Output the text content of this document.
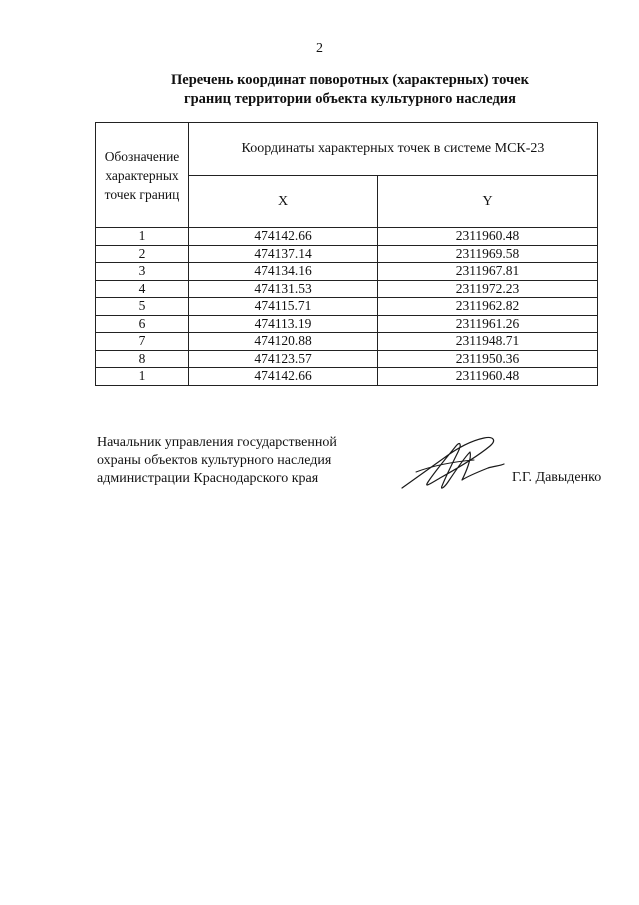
2
Перечень координат поворотных (характерных) точек
границ территории объекта культурного наследия
Обозначение
характерных
точек границ	Координаты характерных точек в системе МСК-23	
	X	Y
1	474142.66	2311960.48
2	474137.14	2311969.58
3	474134.16	2311967.81
4	474131.53	2311972.23
5	474115.71	2311962.82
6	474113.19	2311961.26
7	474120.88	2311948.71
8	474123.57	2311950.36
1	474142.66	2311960.48
Начальник управления государственной
охраны объектов культурного наследия
администрации Краснодарского края	Г.Г. Давыденко
